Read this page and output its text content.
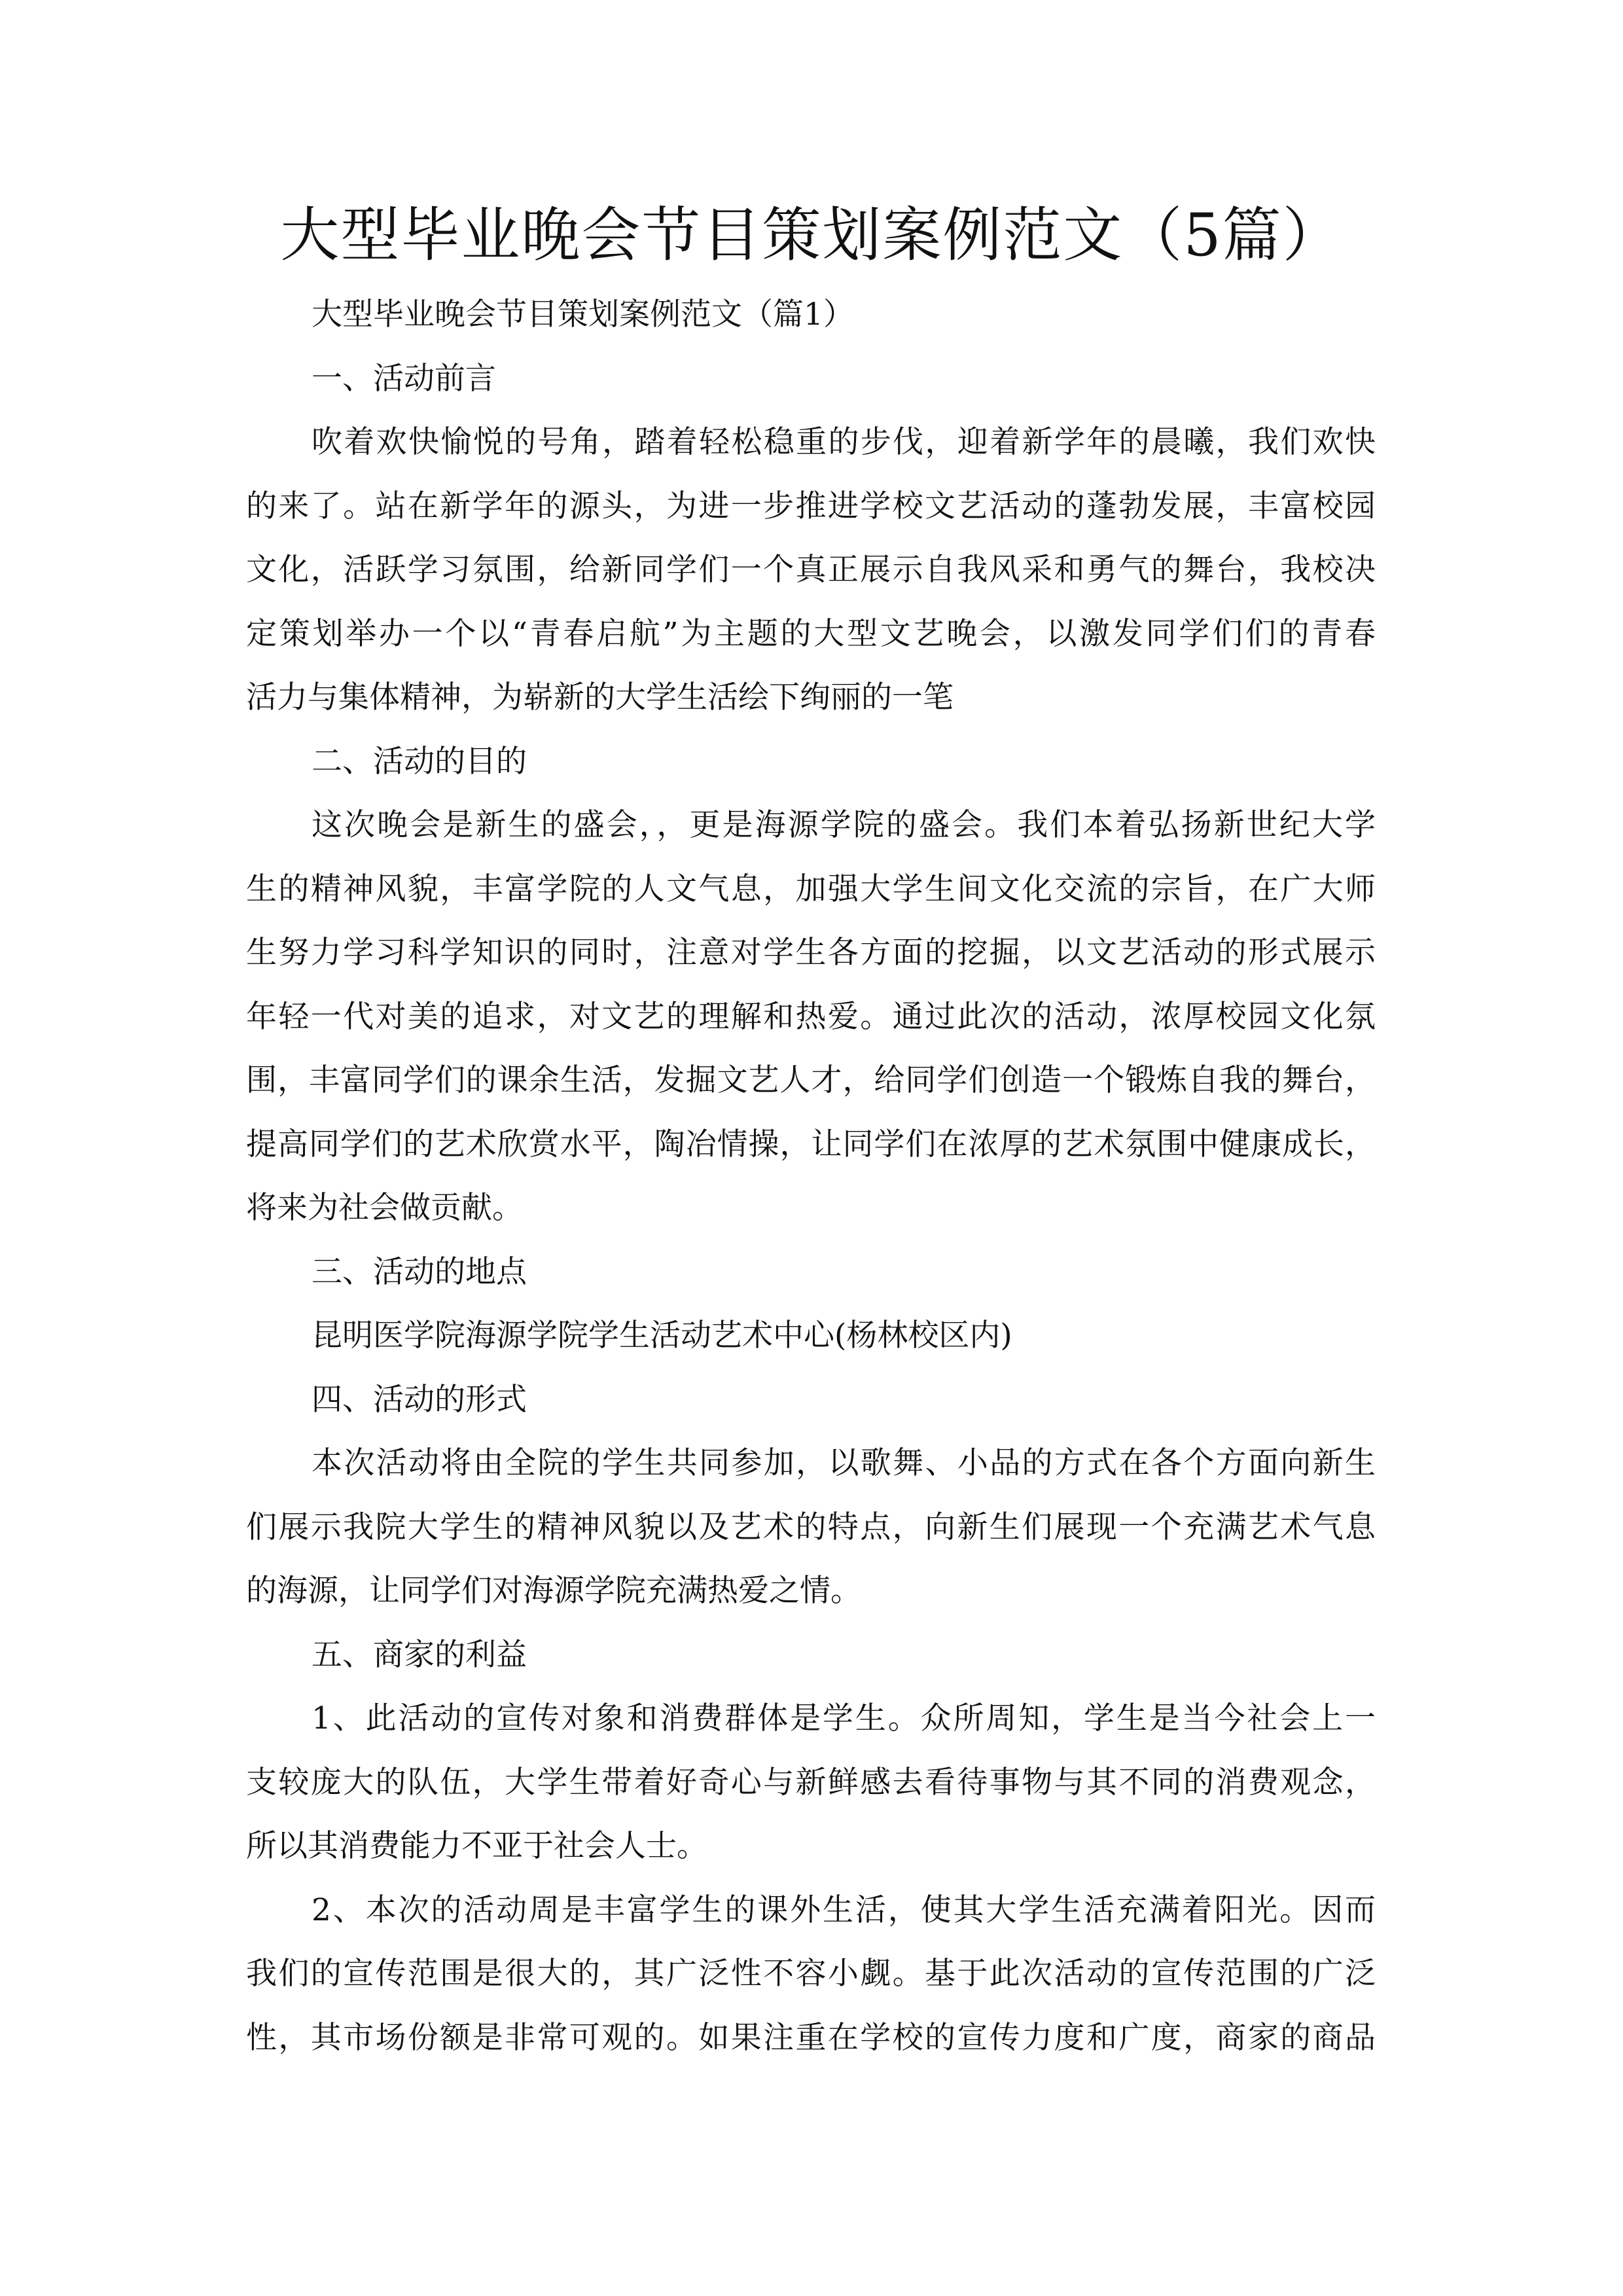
大型毕业晚会节目策划案例范文（5篇）
大型毕业晚会节目策划案例范文（篇1）
一、活动前言
吹着欢快愉悦的号角，踏着轻松稳重的步伐，迎着新学年的晨曦，我们欢快
的来了。站在新学年的源头，为进一步推进学校文艺活动的蓬勃发展，丰富校园
文化，活跃学习氛围，给新同学们一个真正展示自我风采和勇气的舞台，我校决
定策划举办一个以“青春启航”为主题的大型文艺晚会，以激发同学们们的青春
活力与集体精神，为崭新的大学生活绘下绚丽的一笔
二、活动的目的
这次晚会是新生的盛会，，更是海源学院的盛会。我们本着弘扬新世纪大学
生的精神风貌，丰富学院的人文气息，加强大学生间文化交流的宗旨，在广大师
生努力学习科学知识的同时，注意对学生各方面的挖掘，以文艺活动的形式展示
年轻一代对美的追求，对文艺的理解和热爱。通过此次的活动，浓厚校园文化氛
围，丰富同学们的课余生活，发掘文艺人才，给同学们创造一个锻炼自我的舞台，
提高同学们的艺术欣赏水平，陶冶情操，让同学们在浓厚的艺术氛围中健康成长，
将来为社会做贡献。
三、活动的地点
昆明医学院海源学院学生活动艺术中心(杨林校区内)
四、活动的形式
本次活动将由全院的学生共同参加，以歌舞、小品的方式在各个方面向新生
们展示我院大学生的精神风貌以及艺术的特点，向新生们展现一个充满艺术气息
的海源，让同学们对海源学院充满热爱之情。
五、商家的利益
1、此活动的宣传对象和消费群体是学生。众所周知，学生是当今社会上一
支较庞大的队伍，大学生带着好奇心与新鲜感去看待事物与其不同的消费观念，
所以其消费能力不亚于社会人士。
2、本次的活动周是丰富学生的课外生活，使其大学生活充满着阳光。因而
我们的宣传范围是很大的，其广泛性不容小觑。基于此次活动的宣传范围的广泛
性，其市场份额是非常可观的。如果注重在学校的宣传力度和广度，商家的商品
